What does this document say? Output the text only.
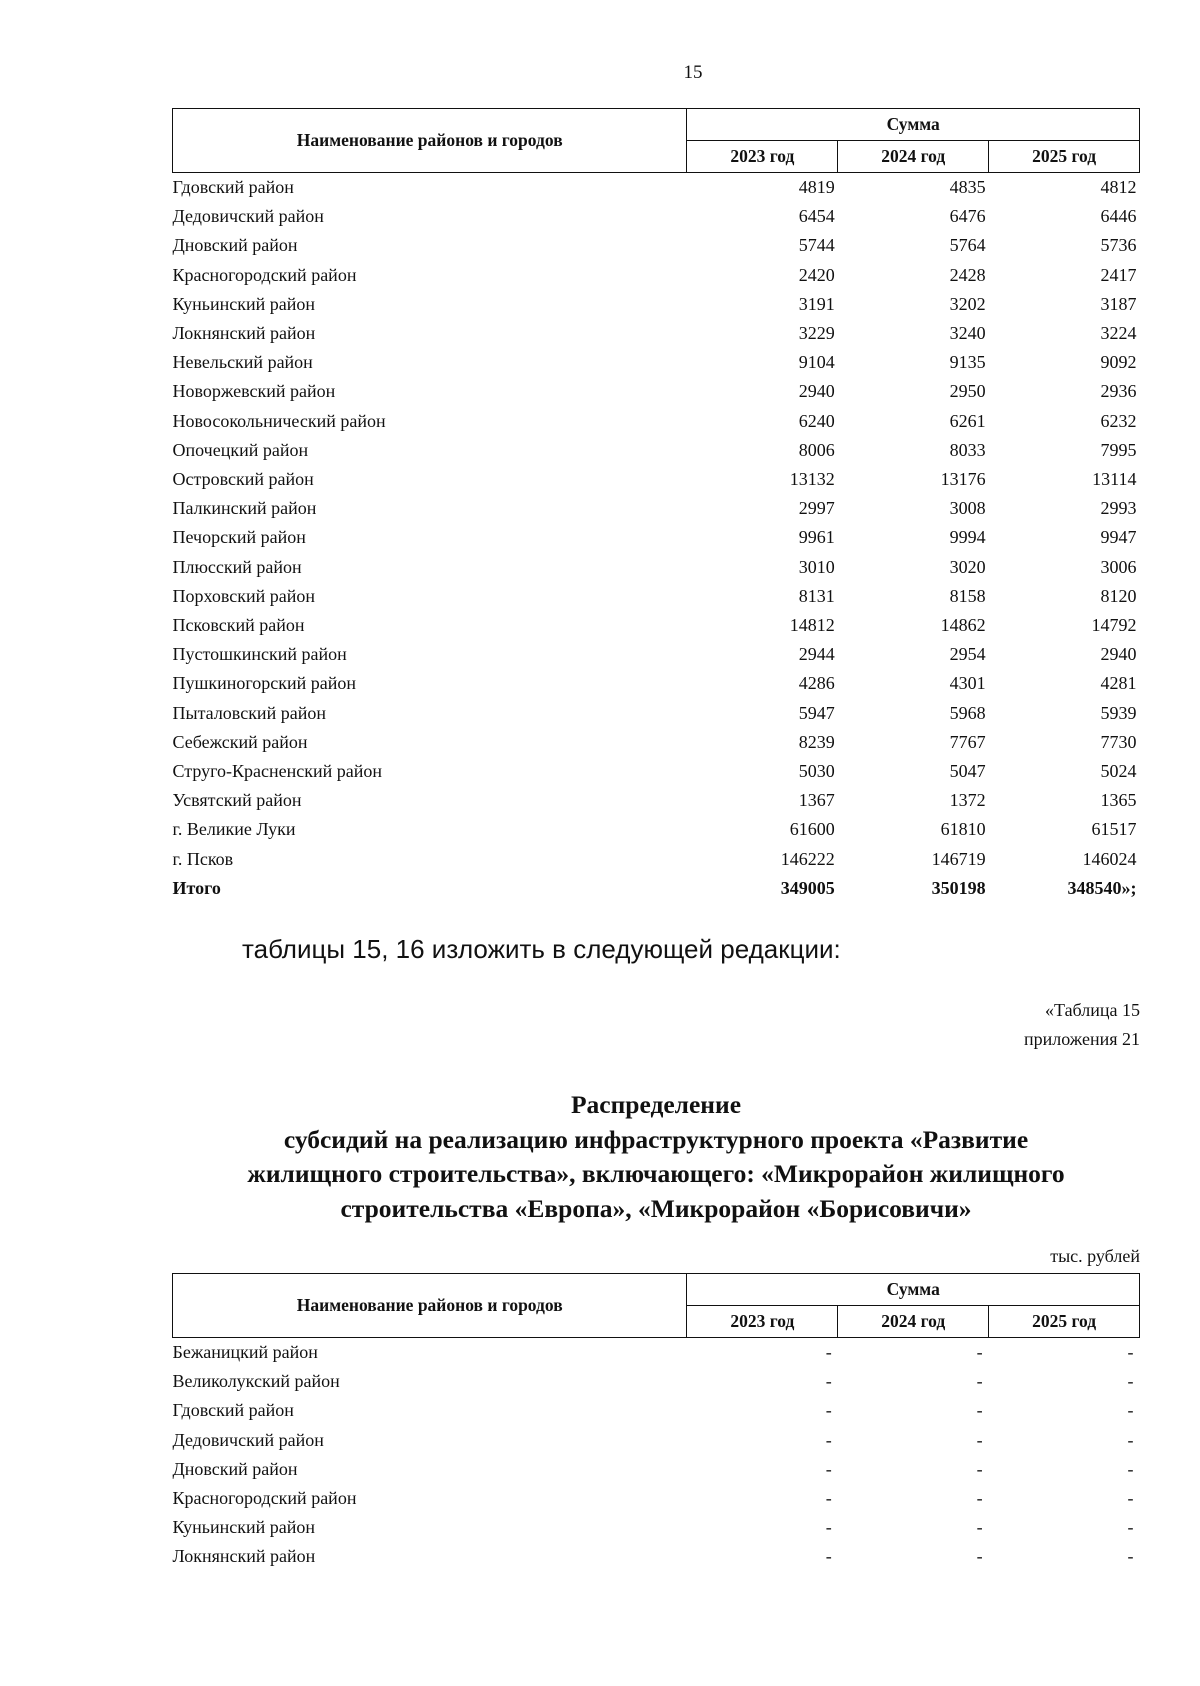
15
Наименование районов и городов	Сумма		
	2023 год	2024 год	2025 год
Гдовский район	4819	4835	4812
Дедовичский район	6454	6476	6446
Дновский район	5744	5764	5736
Красногородский район	2420	2428	2417
Куньинский район	3191	3202	3187
Локнянский район	3229	3240	3224
Невельский район	9104	9135	9092
Новоржевский район	2940	2950	2936
Новосокольнический район	6240	6261	6232
Опочецкий район	8006	8033	7995
Островский район	13132	13176	13114
Палкинский район	2997	3008	2993
Печорский район	9961	9994	9947
Плюсский район	3010	3020	3006
Порховский район	8131	8158	8120
Псковский район	14812	14862	14792
Пустошкинский район	2944	2954	2940
Пушкиногорский район	4286	4301	4281
Пыталовский район	5947	5968	5939
Себежский район	8239	7767	7730
Струго-Красненский район	5030	5047	5024
Усвятский район	1367	1372	1365
г. Великие Луки	61600	61810	61517
г. Псков	146222	146719	146024
Итого	349005	350198	348540»;
таблицы 15, 16 изложить в следующей редакции:
«Таблица 15
приложения 21
Распределение
субсидий на реализацию инфраструктурного проекта «Развитие
жилищного строительства», включающего: «Микрорайон жилищного
строительства «Европа», «Микрорайон «Борисовичи»
тыс. рублей
Наименование районов и городов	Сумма		
	2023 год	2024 год	2025 год
Бежаницкий район	-	-	-
Великолукский район	-	-	-
Гдовский район	-	-	-
Дедовичский район	-	-	-
Дновский район	-	-	-
Красногородский район	-	-	-
Куньинский район	-	-	-
Локнянский район	-	-	-
